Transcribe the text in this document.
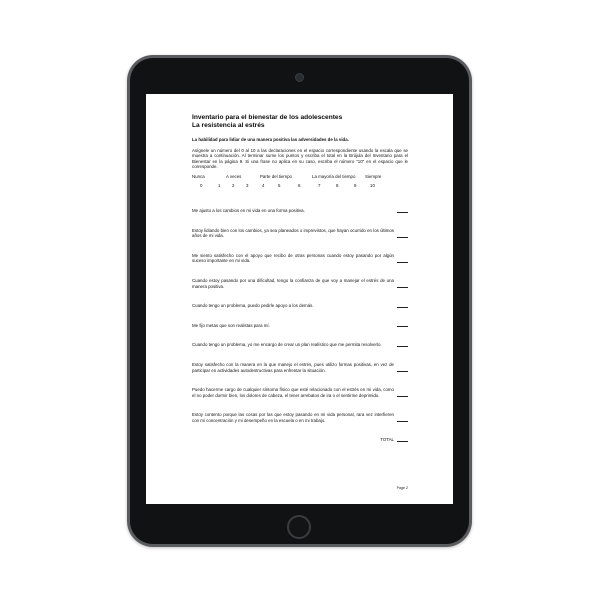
Inventario para el bienestar de los adolescentes
La resistencia al estrés
La habilidad para lidiar de una manera positiva las adversidades de la vida.
Asígnele un número del 0 al 10 a las declaraciones en el espacio correspondiente usando la escala que se muestra a continuación. Al terminar sume los puntos y escriba el total en la Brújula del Inventario para el Bienestar en la página 9. Si una frase no aplica en su caso, escriba el número "10" en el espacio que le corresponde.
Nunca	A veces	Parte del tiempo	La mayoría del tiempo Siempre
0	1	2	3	4	5	6	7	8	9	10
Me ajusto a los cambios en mi vida en una forma positiva.
Estoy lidiando bien con los cambios, ya sea planeados o imprevistos, que hayan ocurrido en los últimos años de mi vida.
Me siento satisfecho con el apoyo que recibo de otras personas cuando estoy pasando por algún suceso importante en mi vida.
Cuando estoy pasando por una dificultad, tengo la confianza de que voy a manejar el estrés de una manera positiva.
Cuando tengo un problema, puedo pedirle apoyo a los demás.
Me fijo metas que son realistas para mí.
Cuando tengo un problema, yo me encargo de crear un plan realístico que me permita resolverlo.
Estoy satisfecho con la manera en la que manejo el estrés, pues utilizo formas positivas, en vez de participar en actividades autodestructivas para enfrentar la situación.
Puedo hacerme cargo de cualquier síntoma físico que esté relacionado con el estrés en mi vida, como el no poder dormir bien, los dolores de cabeza, el tener arrebatos de ira o el sentirme deprimido.
Estoy contento porque las cosas por las que estoy pasando en mi vida personal, rara vez interfieren con mi concentración y mi desempeño en la escuela o en mi trabajo.
TOTAL
Page 2
